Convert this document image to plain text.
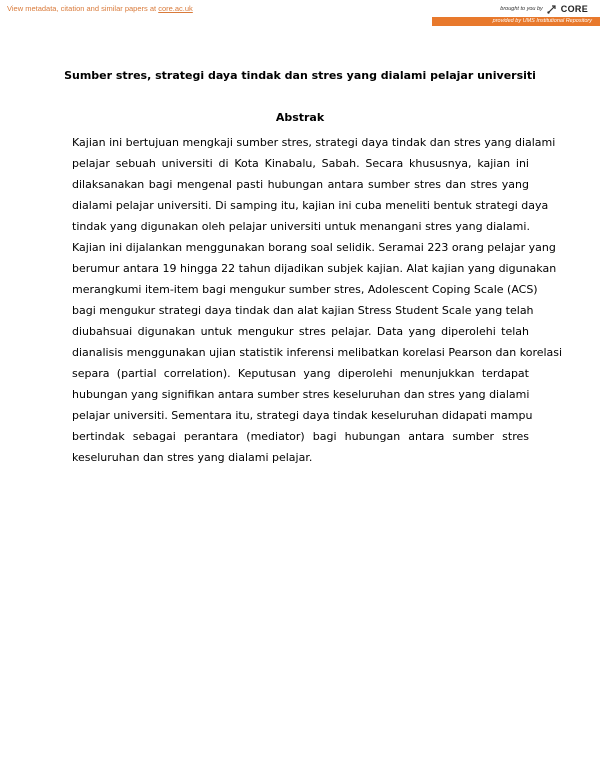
View metadata, citation and similar papers at core.ac.uk	brought to you by CORE
provided by UMS Institutional Repository
Sumber stres, strategi daya tindak dan stres yang dialami pelajar universiti
Abstrak
Kajian ini bertujuan mengkaji sumber stres, strategi daya tindak dan stres yang dialami
pelajar sebuah universiti di Kota Kinabalu, Sabah. Secara khususnya, kajian ini
dilaksanakan bagi mengenal pasti hubungan antara sumber stres dan stres yang
dialami pelajar universiti. Di samping itu, kajian ini cuba meneliti bentuk strategi daya
tindak yang digunakan oleh pelajar universiti untuk menangani stres yang dialami.
Kajian ini dijalankan menggunakan borang soal selidik. Seramai 223 orang pelajar yang
berumur antara 19 hingga 22 tahun dijadikan subjek kajian. Alat kajian yang digunakan
merangkumi item-item bagi mengukur sumber stres, Adolescent Coping Scale (ACS)
bagi mengukur strategi daya tindak dan alat kajian Stress Student Scale yang telah
diubahsuai digunakan untuk mengukur stres pelajar. Data yang diperolehi telah
dianalisis menggunakan ujian statistik inferensi melibatkan korelasi Pearson dan korelasi
separa (partial correlation). Keputusan yang diperolehi menunjukkan terdapat
hubungan yang signifikan antara sumber stres keseluruhan dan stres yang dialami
pelajar universiti. Sementara itu, strategi daya tindak keseluruhan didapati mampu
bertindak sebagai perantara (mediator) bagi hubungan antara sumber stres
keseluruhan dan stres yang dialami pelajar.
